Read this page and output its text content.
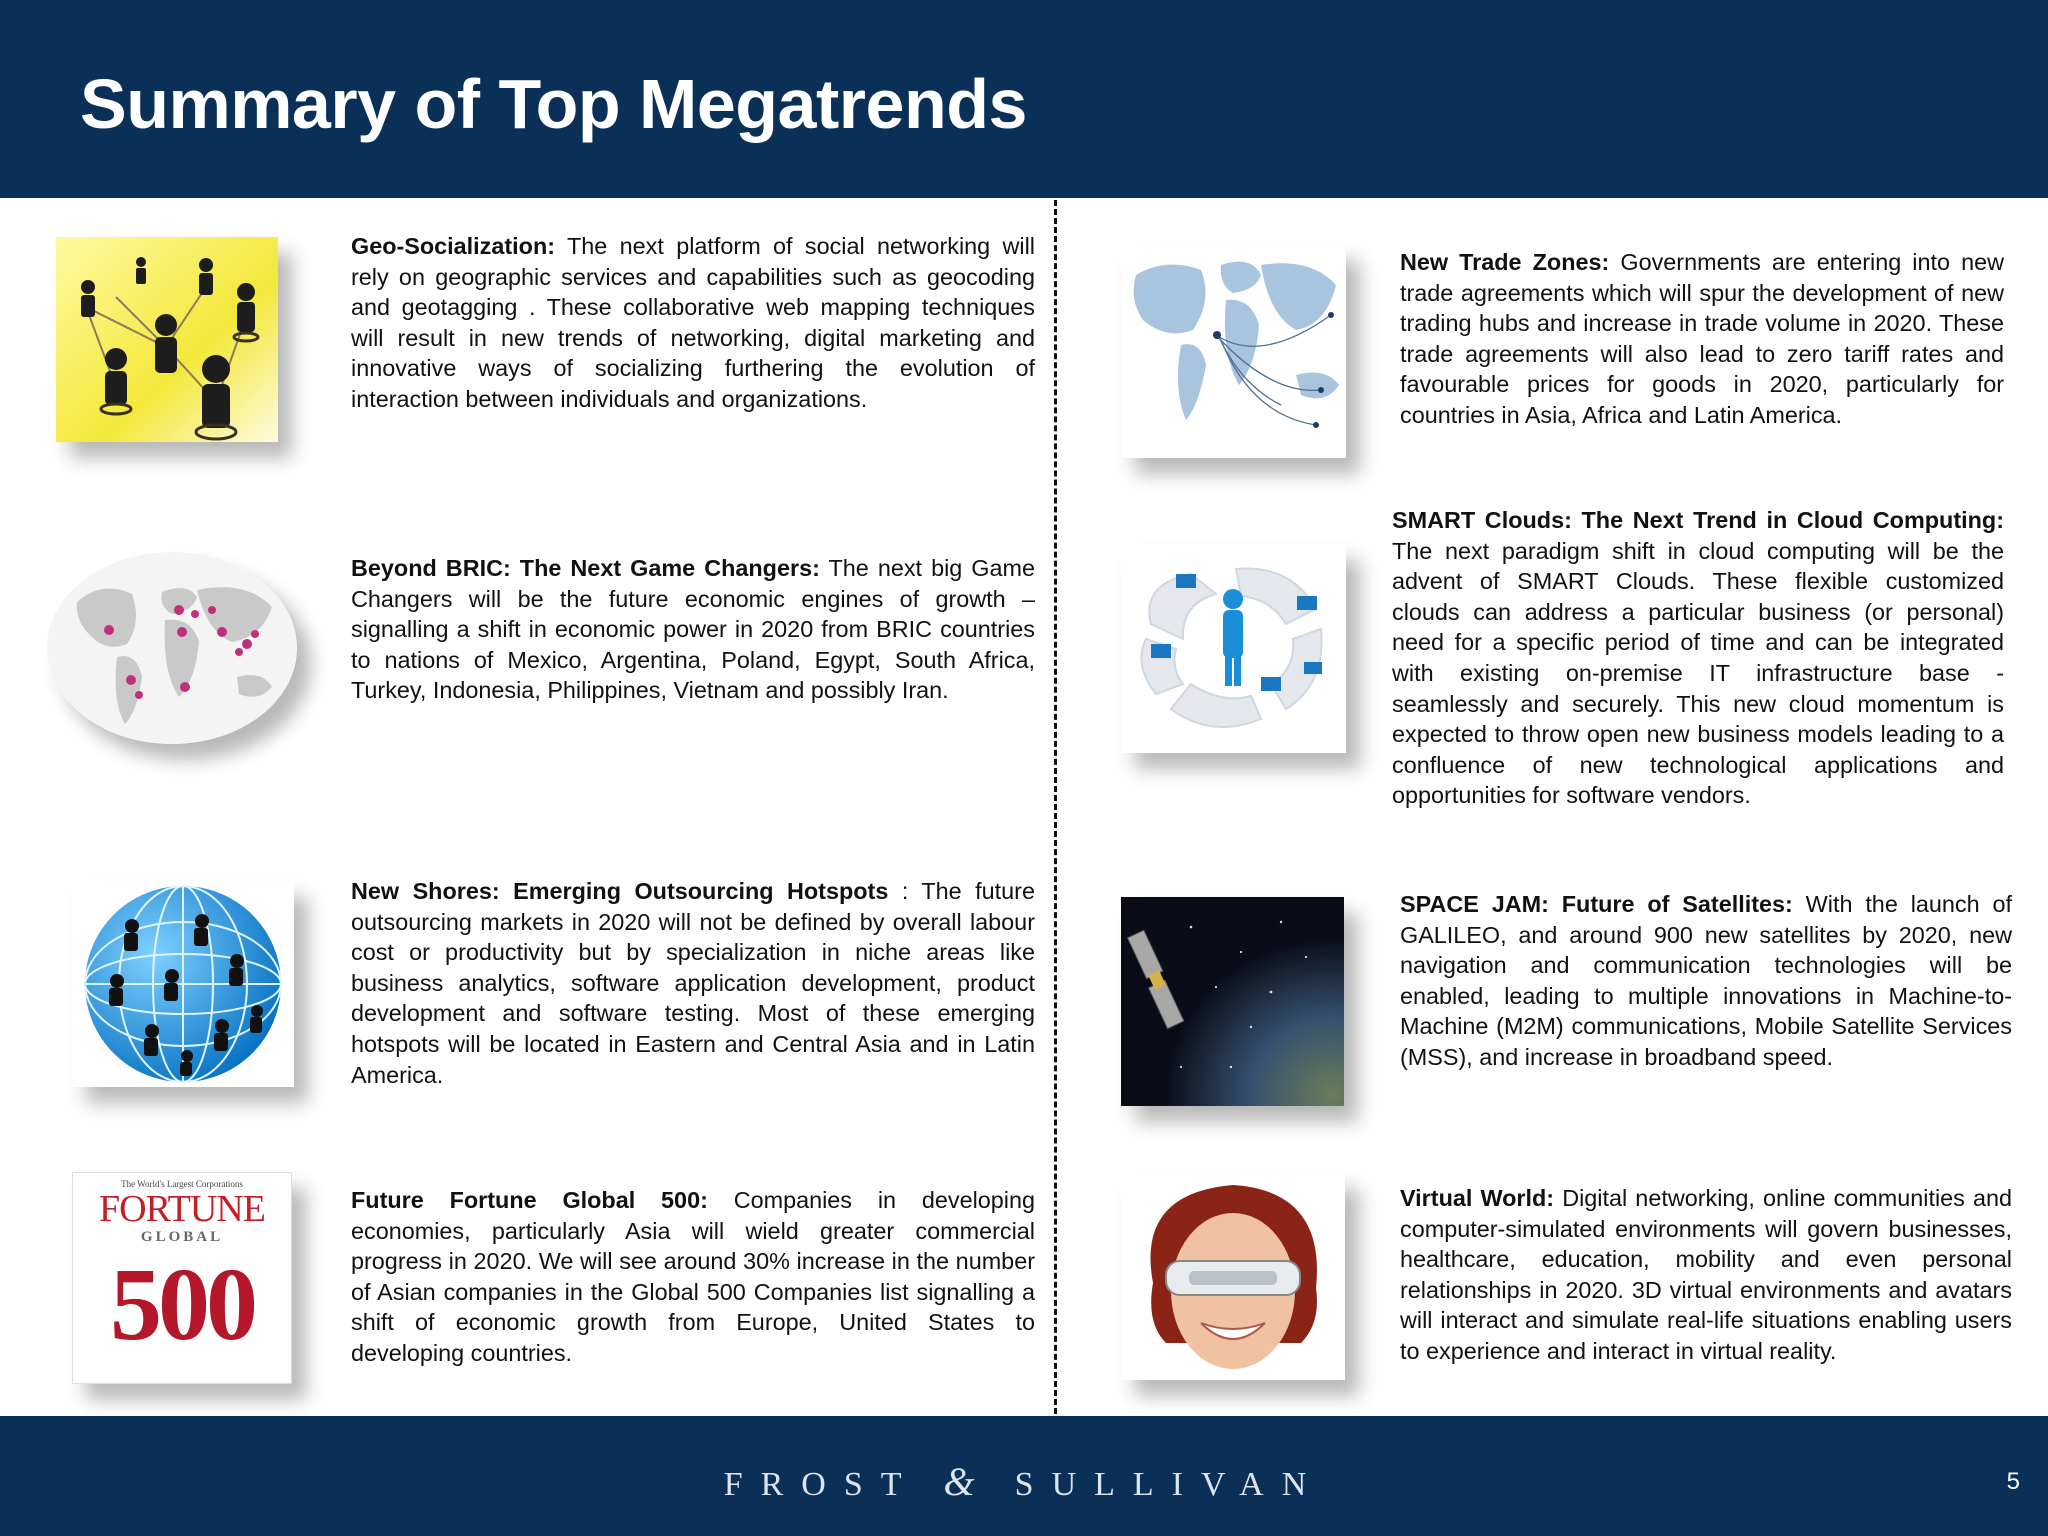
Summary of Top Megatrends
Geo-Socialization: The next platform of social networking will rely on geographic services and capabilities such as geocoding and geotagging . These collaborative web mapping techniques will result in new trends of networking, digital marketing and innovative ways of socializing furthering the evolution of interaction between individuals and organizations.
Beyond BRIC: The Next Game Changers: The next big Game Changers will be the future economic engines of growth – signalling a shift in economic power in 2020 from BRIC countries to nations of Mexico, Argentina, Poland, Egypt, South Africa, Turkey, Indonesia, Philippines, Vietnam and possibly Iran.
New Shores: Emerging Outsourcing Hotspots : The future outsourcing markets in 2020 will not be defined by overall labour cost or productivity but by specialization in niche areas like business analytics, software application development, product development and software testing. Most of these emerging hotspots will be located in Eastern and Central Asia and in Latin America.
The World's Largest Corporations
FORTUNE
GLOBAL
500
Future Fortune Global 500: Companies in developing economies, particularly Asia will wield greater commercial progress in 2020. We will see around 30% increase in the number of Asian companies in the Global 500 Companies list signalling a shift of economic growth from Europe, United States to developing countries.
New Trade Zones: Governments are entering into new trade agreements which will spur the development of new trading hubs and increase in trade volume in 2020. These trade agreements will also lead to zero tariff rates and favourable prices for goods in 2020, particularly for countries in Asia, Africa and Latin America.
SMART Clouds: The Next Trend in Cloud Computing: The next paradigm shift in cloud computing will be the advent of SMART Clouds. These flexible customized clouds can address a particular business (or personal) need for a specific period of time and can be integrated with existing on-premise IT infrastructure base - seamlessly and securely. This new cloud momentum is expected to throw open new business models leading to a confluence of new technological applications and opportunities for software vendors.
SPACE JAM: Future of Satellites: With the launch of GALILEO, and around 900 new satellites by 2020, new navigation and communication technologies will be enabled, leading to multiple innovations in Machine-to-Machine (M2M) communications, Mobile Satellite Services (MSS), and increase in broadband speed.
Virtual World: Digital networking, online communities and computer-simulated environments will govern businesses, healthcare, education, mobility and even personal relationships in 2020. 3D virtual environments and avatars will interact and simulate real-life situations enabling users to experience and interact in virtual reality.
FROST &SULLIVAN	5
